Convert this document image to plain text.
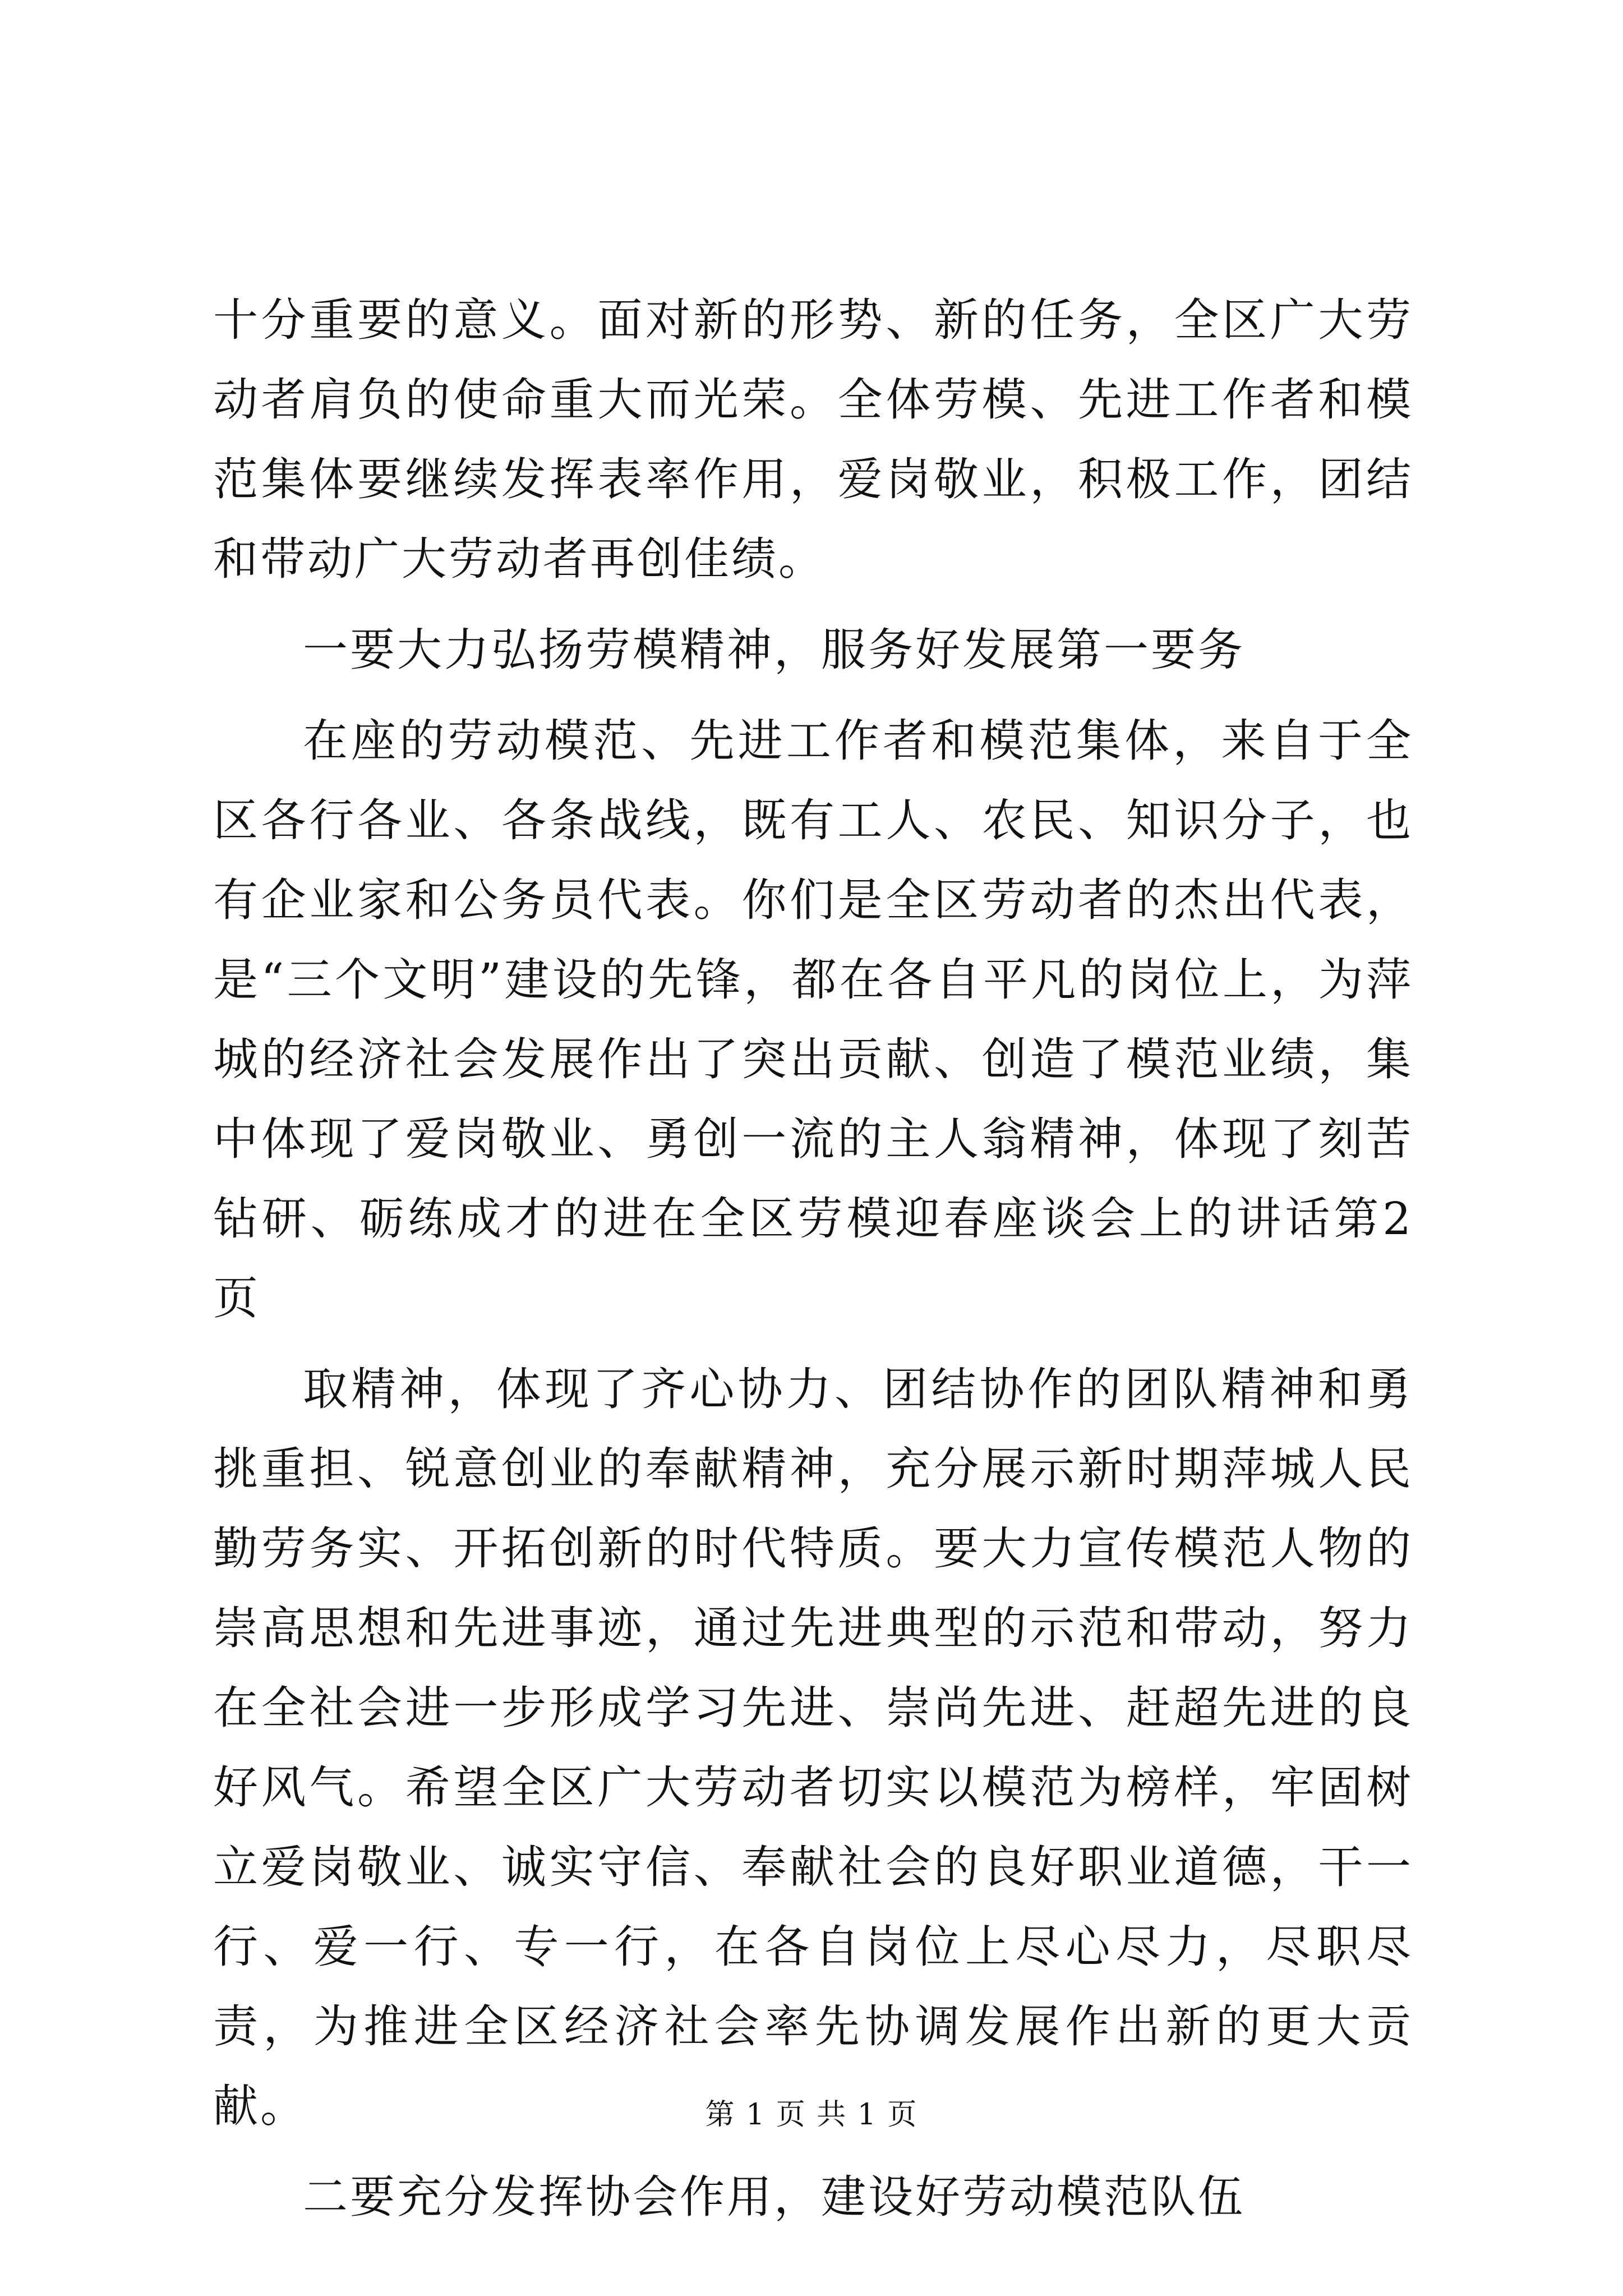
十分重要的意义。面对新的形势、新的任务，全区广大劳动者肩负的使命重大而光荣。全体劳模、先进工作者和模范集体要继续发挥表率作用，爱岗敬业，积极工作，团结和带动广大劳动者再创佳绩。

一要大力弘扬劳模精神，服务好发展第一要务

在座的劳动模范、先进工作者和模范集体，来自于全区各行各业、各条战线，既有工人、农民、知识分子，也有企业家和公务员代表。你们是全区劳动者的杰出代表，是“三个文明”建设的先锋，都在各自平凡的岗位上，为萍城的经济社会发展作出了突出贡献、创造了模范业绩，集中体现了爱岗敬业、勇创一流的主人翁精神，体现了刻苦钻研、砺练成才的进在全区劳模迎春座谈会上的讲话第2页

取精神，体现了齐心协力、团结协作的团队精神和勇挑重担、锐意创业的奉献精神，充分展示新时期萍城人民勤劳务实、开拓创新的时代特质。要大力宣传模范人物的崇高思想和先进事迹，通过先进典型的示范和带动，努力在全社会进一步形成学习先进、崇尚先进、赶超先进的良好风气。希望全区广大劳动者切实以模范为榜样，牢固树立爱岗敬业、诚实守信、奉献社会的良好职业道德，干一行、爱一行、专一行，在各自岗位上尽心尽力，尽职尽责，为推进全区经济社会率先协调发展作出新的更大贡献。

二要充分发挥协会作用，建设好劳动模范队伍

第 1 页 共 1 页
